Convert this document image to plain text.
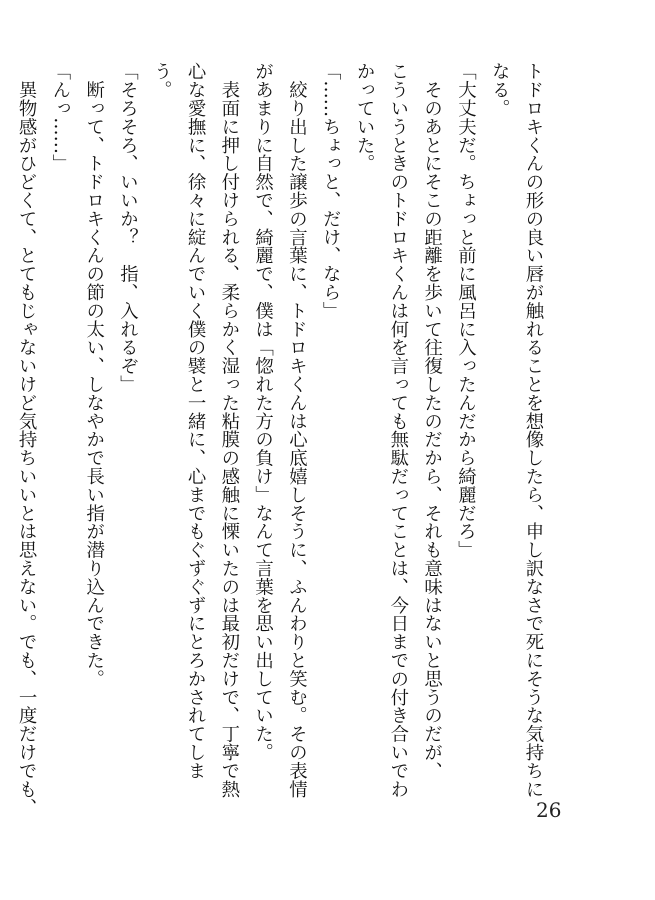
トドロキくんの形の良い唇が触れることを想像したら、申し訳なさで死にそうな気持ちに
なる。
「大丈夫だ。ちょっと前に風呂に入ったんだから綺麗だろ」
　そのあとにそこの距離を歩いて往復したのだから、それも意味はないと思うのだが、
こういうときのトドロキくんは何を言っても無駄だってことは、今日までの付き合いでわ
かっていた。
「……ちょっと、だけ、なら」
　絞り出した譲歩の言葉に、トドロキくんは心底嬉しそうに、ふんわりと笑む。その表情
があまりに自然で、綺麗で、僕は「惚れた方の負け」なんて言葉を思い出していた。
　表面に押し付けられる、柔らかく湿った粘膜の感触に慄いたのは最初だけで、丁寧で熱
心な愛撫に、徐々に綻んでいく僕の襞と一緒に、心までもぐずぐずにとろかされてしま
う。
「そろそろ、いいか？　指、入れるぞ」
　断って、トドロキくんの節の太い、しなやかで長い指が潜り込んできた。
「んっ……」
　異物感がひどくて、とてもじゃないけど気持ちいいとは思えない。でも、一度だけでも、	26
